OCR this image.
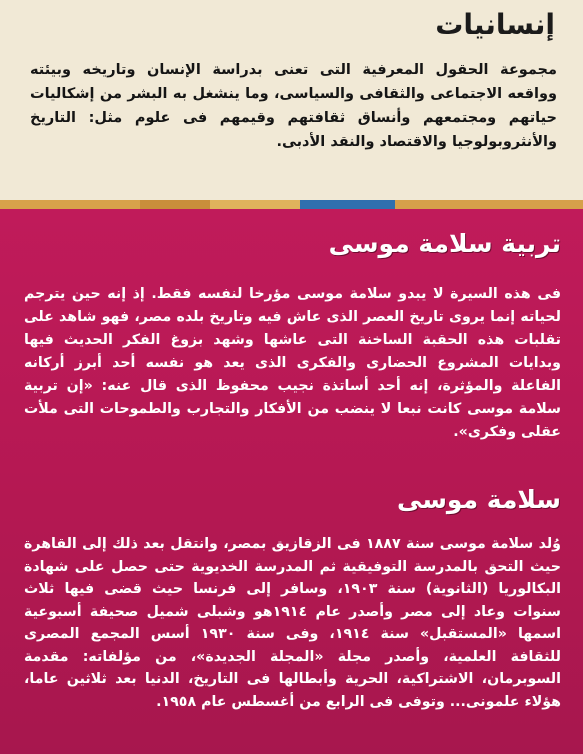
إنسانيات

مجموعة الحقول المعرفية التى تعنى بدراسة الإنسان وتاريخه وبيئته وواقعه الاجتماعى والثقافى والسياسى، وما ينشغل به البشر من إشكاليات حياتهم ومجتمعهم وأنساق ثقافتهم وقيمهم فى علوم مثل: التاريخ والأنثروبولوجيا والاقتصاد والنقد الأدبى.

تربية سلامة موسى

فى هذه السيرة لا يبدو سلامة موسى مؤرخا لنفسه فقط. إذ إنه حين يترجم لحياته إنما يروى تاريخ العصر الذى عاش فيه وتاريخ بلده مصر، فهو شاهد على تقلبات هذه الحقبة الساخنة التى عاشها وشهد بزوغ الفكر الحديث فيها وبدايات المشروع الحضارى والفكرى الذى يعد هو نفسه أحد أبرز أركانه الفاعلة والمؤثرة، إنه أحد أساتذة نجيب محفوظ الذى قال عنه: «إن تربية سلامة موسى كانت نبعا لا ينضب من الأفكار والتجارب والطموحات التى ملأت عقلى وفكرى».

سلامة موسى

وُلد سلامة موسى سنة ١٨٨٧ فى الزقازيق بمصر، وانتقل بعد ذلك إلى القاهرة حيث التحق بالمدرسة التوفيقية ثم المدرسة الخديوية حتى حصل على شهادة البكالوريا (الثانوية) سنة ١٩٠٣، وسافر إلى فرنسا حيث قضى فيها ثلاث سنوات وعاد إلى مصر وأصدر عام ١٩١٤هو وشبلى شميل صحيفة أسبوعية اسمها «المستقبل» سنة ١٩١٤، وفى سنة ١٩٣٠ أسس المجمع المصرى للثقافة العلمية، وأصدر مجلة «المجلة الجديدة»، من مؤلفاته: مقدمة السوبرمان، الاشتراكية، الحرية وأبطالها فى التاريخ، الدنيا بعد ثلاثين عاما، هؤلاء علمونى... وتوفى فى الرابع من أغسطس عام ١٩٥٨.
